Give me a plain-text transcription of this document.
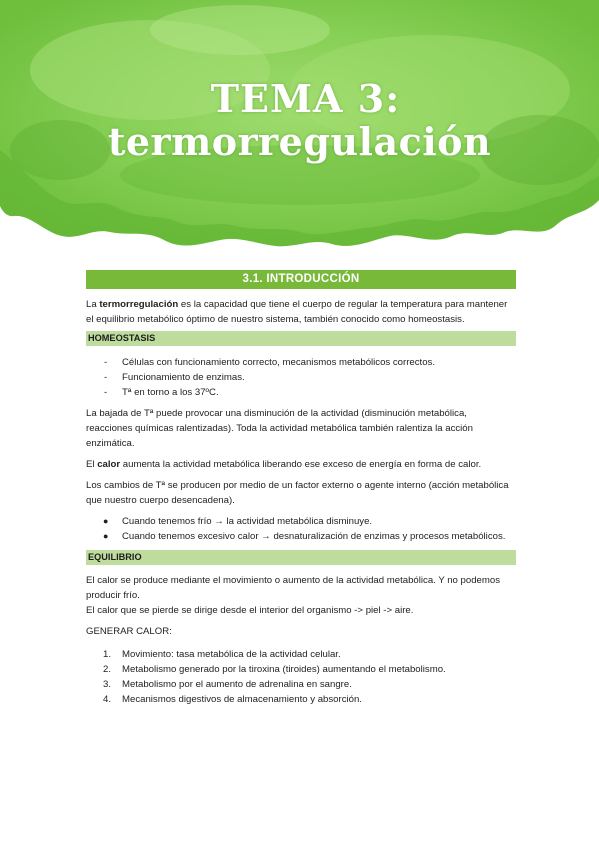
TEMA 3:
termorregulación
3.1. INTRODUCCIÓN

La termorregulación es la capacidad que tiene el cuerpo de regular la temperatura para mantener el equilibrio metabólico óptimo de nuestro sistema, también conocido como homeostasis.

HOMEOSTASIS
- Células con funcionamiento correcto, mecanismos metabólicos correctos.
- Funcionamiento de enzimas.
- Tª en torno a los 37ºC.

La bajada de Tª puede provocar una disminución de la actividad (disminución metabólica, reacciones químicas ralentizadas). Toda la actividad metabólica también ralentiza la acción enzimática.

El calor aumenta la actividad metabólica liberando ese exceso de energía en forma de calor.

Los cambios de Tª se producen por medio de un factor externo o agente interno (acción metabólica que nuestro cuerpo desencadena).

● Cuando tenemos frío → la actividad metabólica disminuye.
● Cuando tenemos excesivo calor → desnaturalización de enzimas y procesos metabólicos.
EQUILIBRIO

El calor se produce mediante el movimiento o aumento de la actividad metabólica. Y no podemos producir frío.

El calor que se pierde se dirige desde el interior del organismo -> piel -> aire.

GENERAR CALOR:

1. Movimiento: tasa metabólica de la actividad celular.
2. Metabolismo generado por la tiroxina (tiroides) aumentando el metabolismo.
3. Metabolismo por el aumento de adrenalina en sangre.
4. Mecanismos digestivos de almacenamiento y absorción.
